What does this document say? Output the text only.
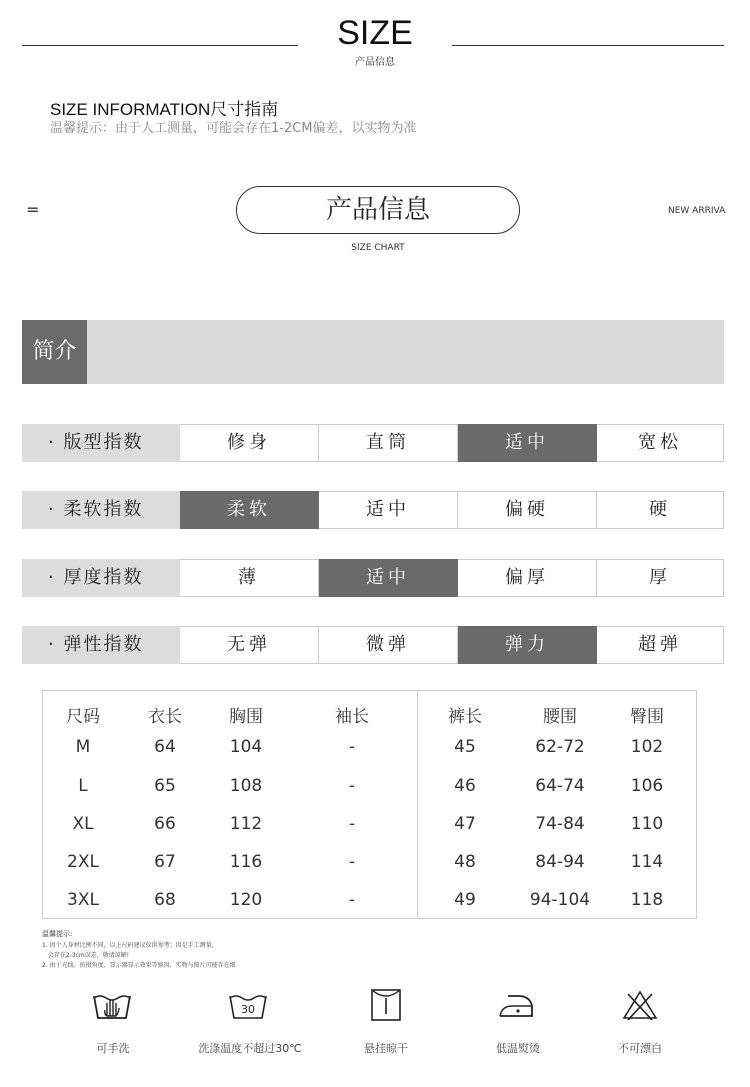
SIZE
产品信息
SIZE INFORMATION尺寸指南
温馨提示：由于人工测量，可能会存在1-2CM偏差，以实物为准
=	产品信息
SIZE CHART
NEW ARRIVA
简介
· 版型指数	修身	直筒	适中	宽松
· 柔软指数	柔软	适中	偏硬	硬
· 厚度指数	薄	适中	偏厚	厚
· 弹性指数	无弹	微弹	弹力	超弹
尺码	衣长	胸围	袖长	裤长	腰围	臀围
M	64	104	-	45	62-72	102
L	65	108	-	46	64-74	106
XL	66	112	-	47	74-84	110
2XL	67	116	-	48	84-94	114
3XL	68	120	-	49	94-104	118
温馨提示:
1. 因个人身材比例不同，以上尺码建议仅供参考；因是手工测量，
会存在2-3cm误差，敬请谅解!
2. 由于光线、拍摄角度、显示器显示效果等原因，实物与图片可能存在细
30
可手洗	洗涤温度不超过30℃	悬挂晾干	低温熨烫	不可漂白
